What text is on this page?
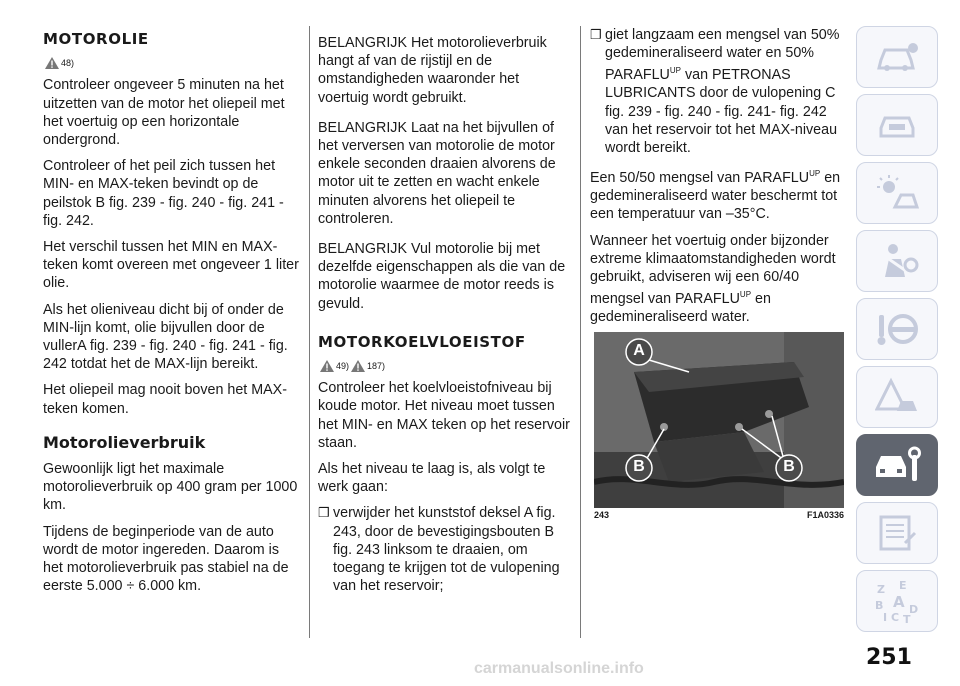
MOTOROLIE
48)

Controleer ongeveer 5 minuten na het uitzetten van de motor het oliepeil met het voertuig op een horizontale ondergrond.

Controleer of het peil zich tussen het MIN- en MAX-teken bevindt op de peilstok B fig. 239 - fig. 240 - fig. 241 - fig. 242.

Het verschil tussen het MIN en MAX-teken komt overeen met ongeveer 1 liter olie.

Als het olieniveau dicht bij of onder de MIN-lijn komt, olie bijvullen door de vullerA fig. 239 - fig. 240 - fig. 241 - fig. 242 totdat het de MAX-lijn bereikt.

Het oliepeil mag nooit boven het MAX-teken komen.

Motorolieverbruik

Gewoonlijk ligt het maximale motorolieverbruik op 400 gram per 1000 km.

Tijdens de beginperiode van de auto wordt de motor ingereden. Daarom is het motorolieverbruik pas stabiel na de eerste 5.000 ÷ 6.000 km.

BELANGRIJK Het motorolieverbruik hangt af van de rijstijl en de omstandigheden waaronder het voertuig wordt gebruikt.

BELANGRIJK Laat na het bijvullen of het verversen van motorolie de motor enkele seconden draaien alvorens de motor uit te zetten en wacht enkele minuten alvorens het oliepeil te controleren.

BELANGRIJK Vul motorolie bij met dezelfde eigenschappen als die van de motorolie waarmee de motor reeds is gevuld.

MOTORKOELVLOEISTOF
49) 187)

Controleer het koelvloeistofniveau bij koude motor. Het niveau moet tussen het MIN- en MAX teken op het reservoir staan.

Als het niveau te laag is, als volgt te werk gaan:

❒ verwijder het kunststof deksel A fig. 243, door de bevestigingsbouten B fig. 243 linksom te draaien, om toegang te krijgen tot de vulopening van het reservoir;
❒ giet langzaam een mengsel van 50% gedemineraliseerd water en 50% $PARAFLU^{UP}$ van PETRONAS LUBRICANTS door de vulopening C fig. 239 - fig. 240 - fig. 241- fig. 242 van het reservoir tot het MAX-niveau wordt bereikt.

Een 50/50 mengsel van $PARAFLU^{UP}$ en gedemineraliseerd water beschermt tot een temperatuur van –35°C.

Wanneer het voertuig onder bijzonder extreme klimaatomstandigheden wordt gebruikt, adviseren wij een 60/40 mengsel van $PARAFLU^{UP}$ en gedemineraliseerd water.

A
B	B
243	F1A0336
Z E
B A D
I C T
251
carmanualsonline.info
